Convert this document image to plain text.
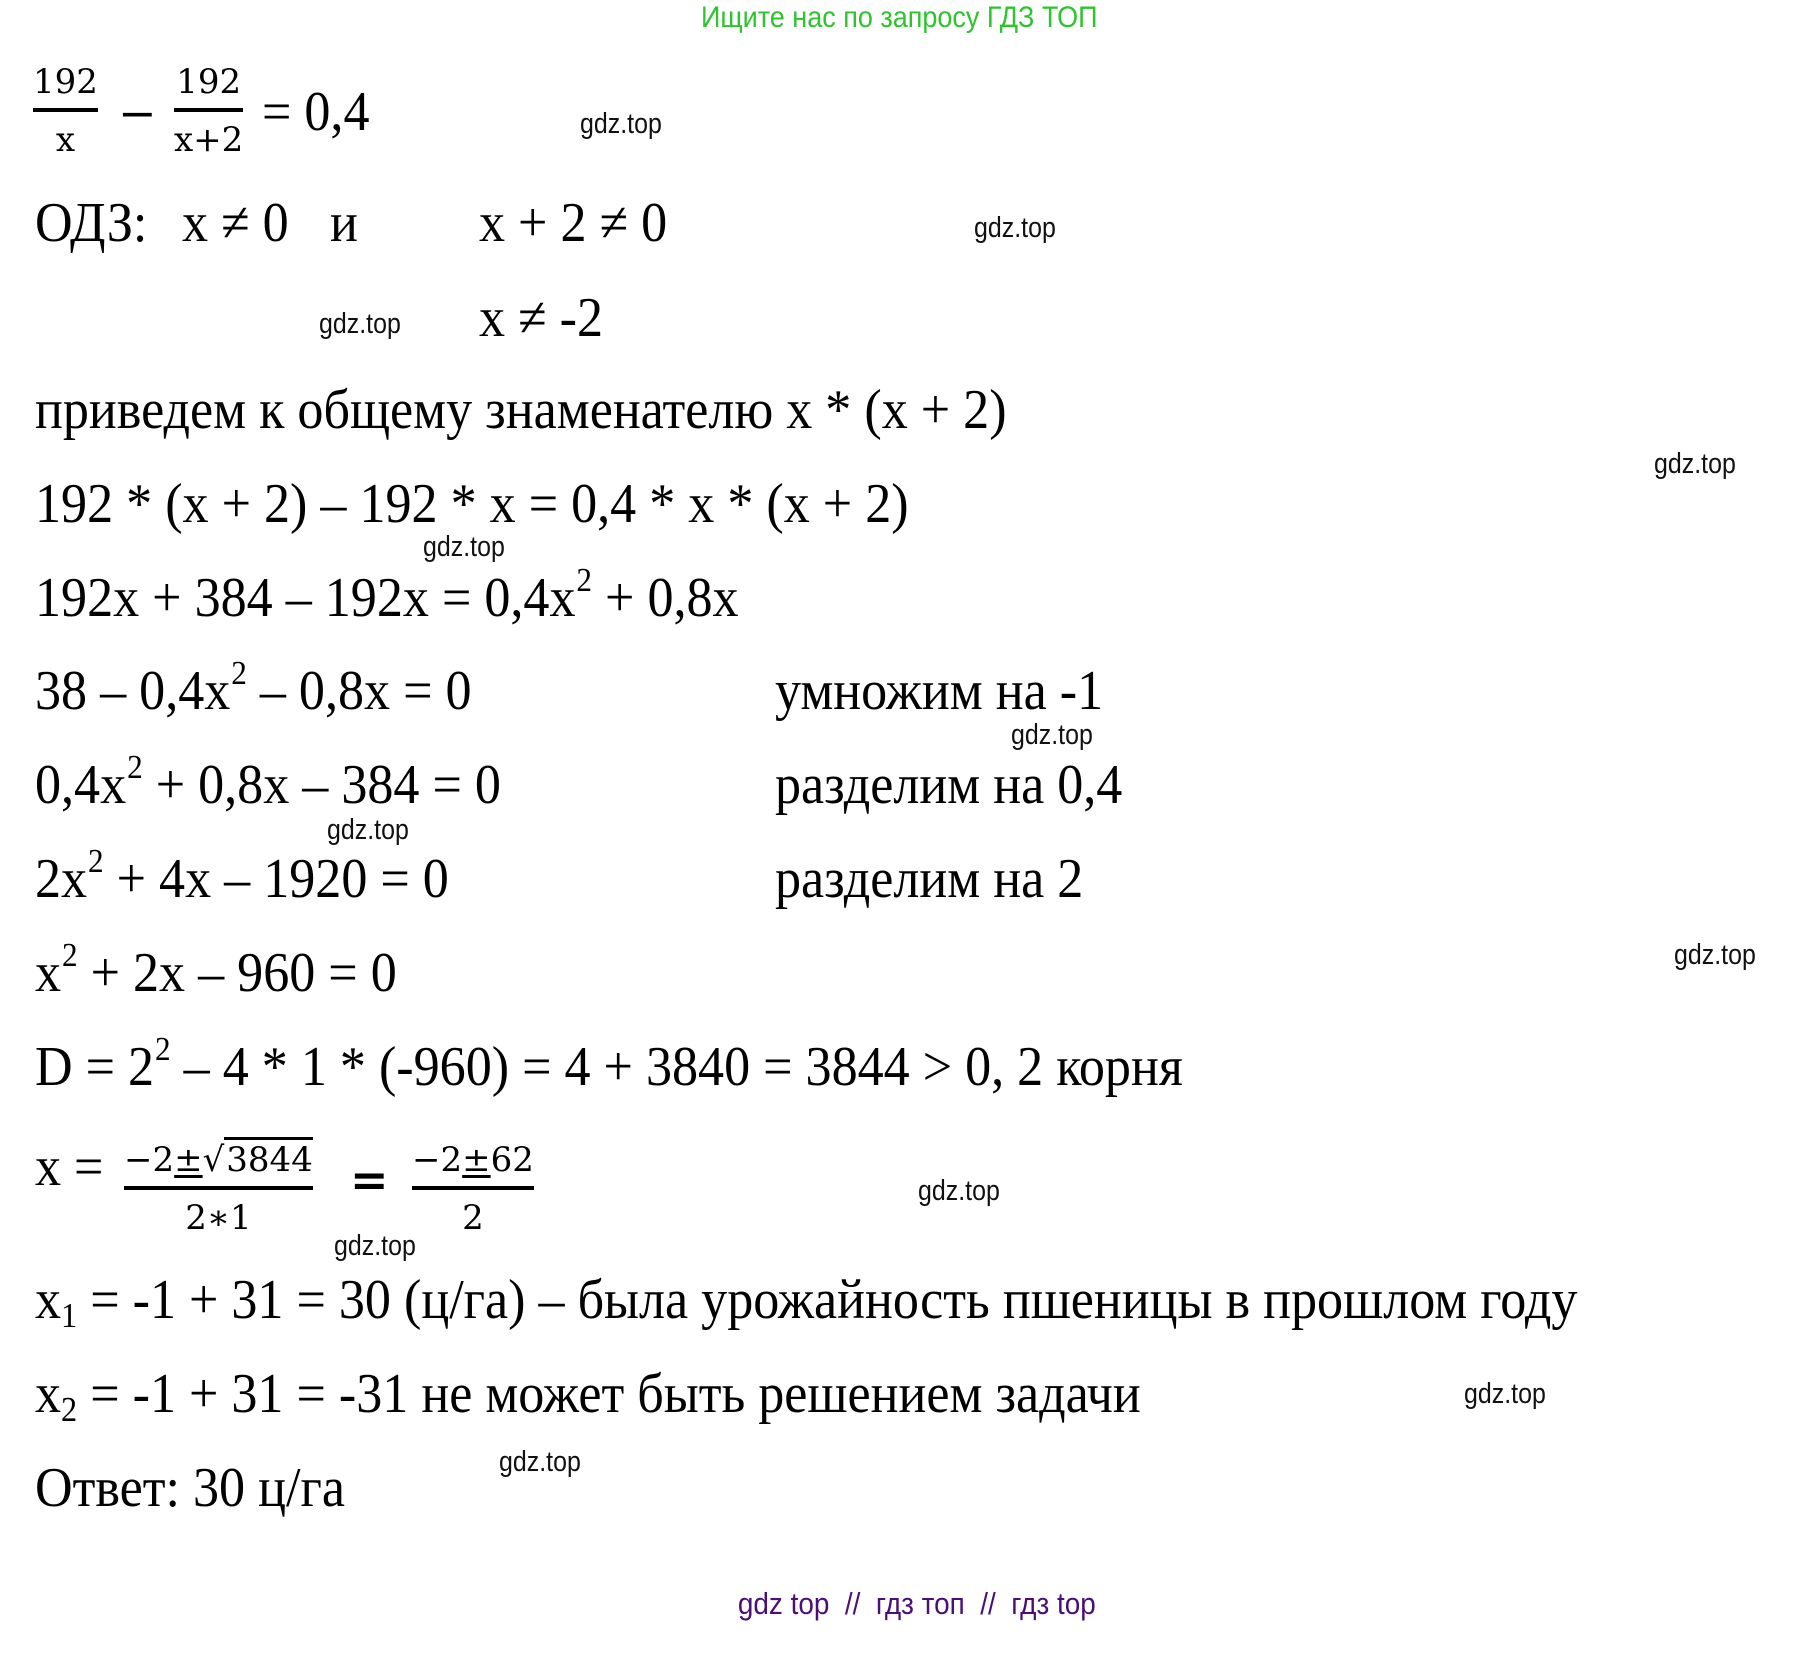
Ищите нас по запросу ГДЗ ТОП
192
x −
192
x+2 = 0,4
ОДЗ: x ≠ 0 и x + 2 ≠ 0
x ≠ -2
приведем к общему знаменателю x * (x + 2)
192 * (x + 2) – 192 * x = 0,4 * x * (x + 2)
$192x + 384 - 192x = 0,4x^2 + 0,8x$
$38 - 0,4x^2 - 0,8x = 0$	умножим на -1
$0,4x^2 + 0,8x - 384 = 0$	разделим на 0,4
$2x^2 + 4x - 1920 = 0$	разделим на 2
$x^2 + 2x - 960 = 0$
$D = 2^2 - 4 * 1 * (-960) = 4 + 3840 = 3844 > 0$, 2 корня
x = −2±√3844
2∗1
= −2±62
2
$x_1 = -1 + 31 = 30$ (ц/га) – была урожайность пшеницы в прошлом году
$x_2 = -1 + 31 = -31$ не может быть решением задачи
Ответ: 30 ц/га
gdz.top
gdz.top
gdz.top
gdz.top
gdz.top
gdz.top
gdz.top
gdz.top
gdz.top
gdz.top
gdz.top
gdz.top

gdz top  //  гдз топ  //  гдз top
